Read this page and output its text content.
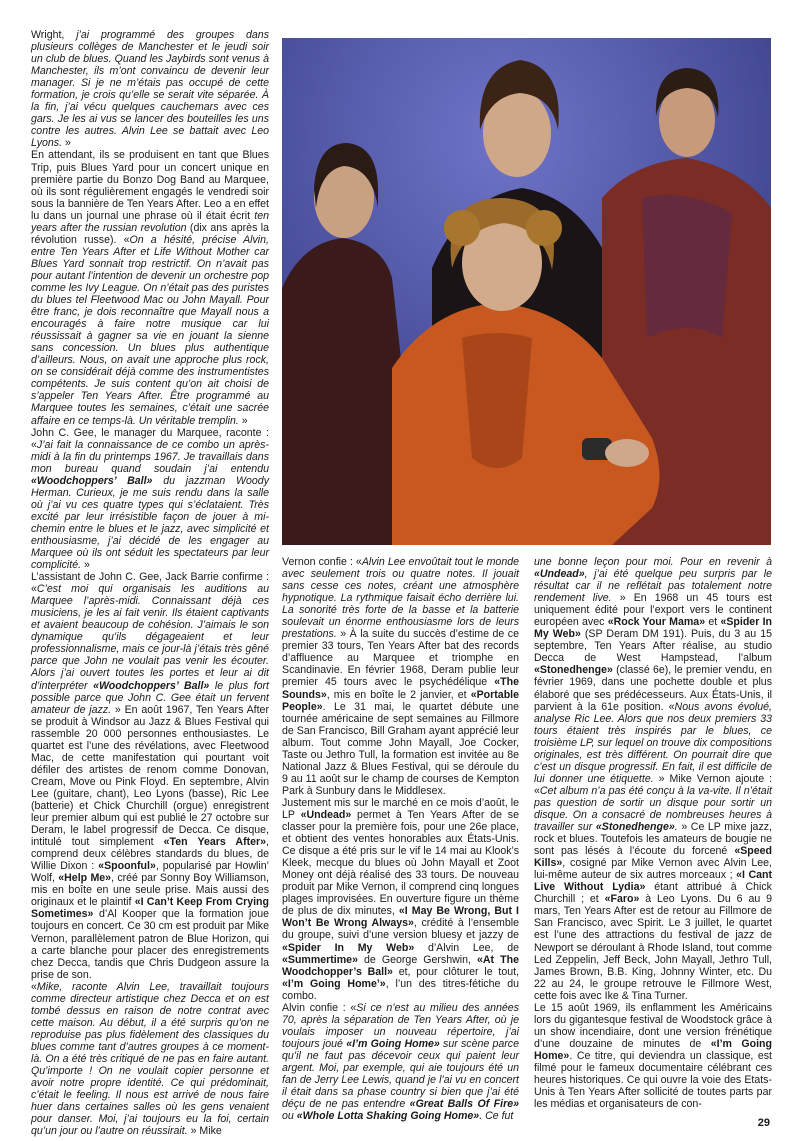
Wright, j’ai programmé des groupes dans plusieurs collèges de Manchester et le jeudi soir un club de blues. Quand les Jaybirds sont venus à Manchester, ils m’ont convaincu de devenir leur manager. Si je ne m’étais pas occupé de cette formation, je crois qu’elle se serait vite séparée. À la fin, j’ai vécu quelques cauchemars avec ces gars. Je les ai vus se lancer des bouteilles les uns contre les autres. Alvin Lee se battait avec Leo Lyons. »

En attendant, ils se produisent en tant que Blues Trip, puis Blues Yard pour un concert unique en première partie du Bonzo Dog Band au Marquee, où ils sont régulièrement engagés le vendredi soir sous la bannière de Ten Years After. Leo a en effet lu dans un journal une phrase où il était écrit ten years after the russian revolution (dix ans après la révolution russe). «On a hésité, précise Alvin, entre Ten Years After et Life Without Mother car Blues Yard sonnait trop restrictif. On n’avait pas pour autant l’intention de devenir un orchestre pop comme les Ivy League. On n’était pas des puristes du blues tel Fleetwood Mac ou John Mayall. Pour être franc, je dois reconnaître que Mayall nous a encouragés à faire notre musique car lui réussissait à gagner sa vie en jouant la sienne sans concession. Un blues plus authentique d’ailleurs. Nous, on avait une approche plus rock, on se considérait déjà comme des instrumentistes compétents. Je suis content qu’on ait choisi de s’appeler Ten Years After. Être programmé au Marquee toutes les semaines, c’était une sacrée affaire en ce temps-là. Un véritable tremplin. »

John C. Gee, le manager du Marquee, raconte : «J’ai fait la connaissance de ce combo un après-midi à la fin du printemps 1967. Je travaillais dans mon bureau quand soudain j’ai entendu «Woodchoppers’ Ball» du jazzman Woody Herman. Curieux, je me suis rendu dans la salle où j’ai vu ces quatre types qui s’éclataient. Très excité par leur irrésistible façon de jouer à mi-chemin entre le blues et le jazz, avec simplicité et enthousiasme, j’ai décidé de les engager au Marquee où ils ont séduit les spectateurs par leur complicité. »

L’assistant de John C. Gee, Jack Barrie confirme : «C’est moi qui organisais les auditions au Marquee l’après-midi. Connaissant déjà ces musiciens, je les ai fait venir. Ils étaient captivants et avaient beaucoup de cohésion. J’aimais le son dynamique qu’ils dégageaient et leur professionnalisme, mais ce jour-là j’étais très gêné parce que John ne voulait pas venir les écouter. Alors j’ai ouvert toutes les portes et leur ai dit d’interpréter «Woodchoppers’ Ball» le plus fort possible parce que John C. Gee était un fervent amateur de jazz. » En août 1967, Ten Years After se produit à Windsor au Jazz & Blues Festival qui rassemble 20 000 personnes enthousiastes. Le quartet est l’une des révélations, avec Fleetwood Mac, de cette manifestation qui pourtant voit défiler des artistes de renom comme Donovan, Cream, Move ou Pink Floyd. En septembre, Alvin Lee (guitare, chant), Leo Lyons (basse), Ric Lee (batterie) et Chick Churchill (orgue) enregistrent leur premier album qui est publié le 27 octobre sur Deram, le label progressif de Decca. Ce disque, intitulé tout simplement «Ten Years After», comprend deux célèbres standards du blues, de Willie Dixon : «Spoonful», popularisé par Howlin’ Wolf, «Help Me», créé par Sonny Boy Williamson, mis en boîte en une seule prise. Mais aussi des originaux et le plaintif «I Can’t Keep From Crying Sometimes» d’Al Kooper que la formation joue toujours en concert. Ce 30 cm est produit par Mike Vernon, parallèlement patron de Blue Horizon, qui a carte blanche pour placer des enregistrements chez Decca, tandis que Chris Dudgeon assure la prise de son.

«Mike, raconte Alvin Lee, travaillait toujours comme directeur artistique chez Decca et on est tombé dessus en raison de notre contrat avec cette maison. Au début, il a été surpris qu’on ne reproduise pas plus fidèlement des classiques du blues comme tant d’autres groupes à ce moment-là. On a été très critiqué de ne pas en faire autant. Qu’importe ! On ne voulait copier personne et avoir notre propre identité. Ce qui prédominait, c’était le feeling. Il nous est arrivé de nous faire huer dans certaines salles où les gens venaient pour danser. Moi, j’ai toujours eu la foi, certain qu’un jour ou l’autre on réussirait. » Mike

Vernon confie : «Alvin Lee envoûtait tout le monde avec seulement trois ou quatre notes. Il jouait sans cesse ces notes, créant une atmosphère hypnotique. La rythmique faisait écho derrière lui. La sonorité très forte de la basse et la batterie soulevait un énorme enthousiasme lors de leurs prestations. » À la suite du succès d’estime de ce premier 33 tours, Ten Years After bat des records d’affluence au Marquee et triomphe en Scandinavie. En février 1968, Deram publie leur premier 45 tours avec le psychédélique «The Sounds», mis en boîte le 2 janvier, et «Portable People». Le 31 mai, le quartet débute une tournée américaine de sept semaines au Fillmore de San Francisco, Bill Graham ayant apprécié leur album. Tout comme John Mayall, Joe Cocker, Taste ou Jethro Tull, la formation est invitée au 8e National Jazz & Blues Festival, qui se déroule du 9 au 11 août sur le champ de courses de Kempton Park à Sunbury dans le Middlesex.

Justement mis sur le marché en ce mois d’août, le LP «Undead» permet à Ten Years After de se classer pour la première fois, pour une 26e place, et obtient des ventes honorables aux États-Unis. Ce disque a été pris sur le vif le 14 mai au Klook’s Kleek, mecque du blues où John Mayall et Zoot Money ont déjà réalisé des 33 tours. De nouveau produit par Mike Vernon, il comprend cinq longues plages improvisées. En ouverture figure un thème de plus de dix minutes, «I May Be Wrong, But I Won’t Be Wrong Always», crédité à l’ensemble du groupe, suivi d’une version bluesy et jazzy de «Spider In My Web» d’Alvin Lee, de «Summertime» de George Gershwin, «At The Woodchopper’s Ball» et, pour clôturer le tout, «I’m Going Home’», l’un des titres-fétiche du combo.

Alvin confie : «Si ce n’est au milieu des années 70, après la séparation de Ten Years After, où je voulais imposer un nouveau répertoire, j’ai toujours joué «I’m Going Home» sur scène parce qu’il ne faut pas décevoir ceux qui paient leur argent. Moi, par exemple, qui aie toujours été un fan de Jerry Lee Lewis, quand je l’ai vu en concert il était dans sa phase country si bien que j’ai été déçu de ne pas entendre «Great Balls Of Fire» ou «Whole Lotta Shaking Going Home». Ce fut

une bonne leçon pour moi. Pour en revenir à «Undead», j’ai été quelque peu surpris par le résultat car il ne reflétait pas totalement notre rendement live. » En 1968 un 45 tours est uniquement édité pour l’export vers le continent européen avec «Rock Your Mama» et «Spider In My Web» (SP Deram DM 191). Puis, du 3 au 15 septembre, Ten Years After réalise, au studio Decca de West Hampstead, l’album «Stonedhenge» (classé 6e), le premier vendu, en février 1969, dans une pochette double et plus élaboré que ses prédécesseurs. Aux États-Unis, il parvient à la 61e position. «Nous avons évolué, analyse Ric Lee. Alors que nos deux premiers 33 tours étaient très inspirés par le blues, ce troisième LP, sur lequel on trouve dix compositions originales, est très différent. On pourrait dire que c’est un disque progressif. En fait, il est difficile de lui donner une étiquette. » Mike Vernon ajoute : «Cet album n’a pas été conçu à la va-vite. Il n’était pas question de sortir un disque pour sortir un disque. On a consacré de nombreuses heures à travailler sur «Stonedhenge». » Ce LP mixe jazz, rock et blues. Toutefois les amateurs de bougie ne sont pas lésés à l’écoute du forcené «Speed Kills», cosigné par Mike Vernon avec Alvin Lee, lui-même auteur de six autres morceaux ; «I Cant Live Without Lydia» étant attribué à Chick Churchill ; et «Faro» à Leo Lyons. Du 6 au 9 mars, Ten Years After est de retour au Fillmore de San Francisco, avec Spirit. Le 3 juillet, le quartet est l’une des attractions du festival de jazz de Newport se déroulant à Rhode Island, tout comme Led Zeppelin, Jeff Beck, John Mayall, Jethro Tull, James Brown, B.B. King, Johnny Winter, etc. Du 22 au 24, le groupe retrouve le Fillmore West, cette fois avec Ike & Tina Turner.

Le 15 août 1969, ils enflamment les Américains lors du gigantesque festival de Woodstock grâce à un show incendiaire, dont une version frénétique d’une douzaine de minutes de «I’m Going Home». Ce titre, qui deviendra un classique, est filmé pour le fameux documentaire célébrant ces heures historiques. Ce qui ouvre la voie des Etats-Unis à Ten Years After sollicité de toutes parts par les médias et organisateurs de con-

29
